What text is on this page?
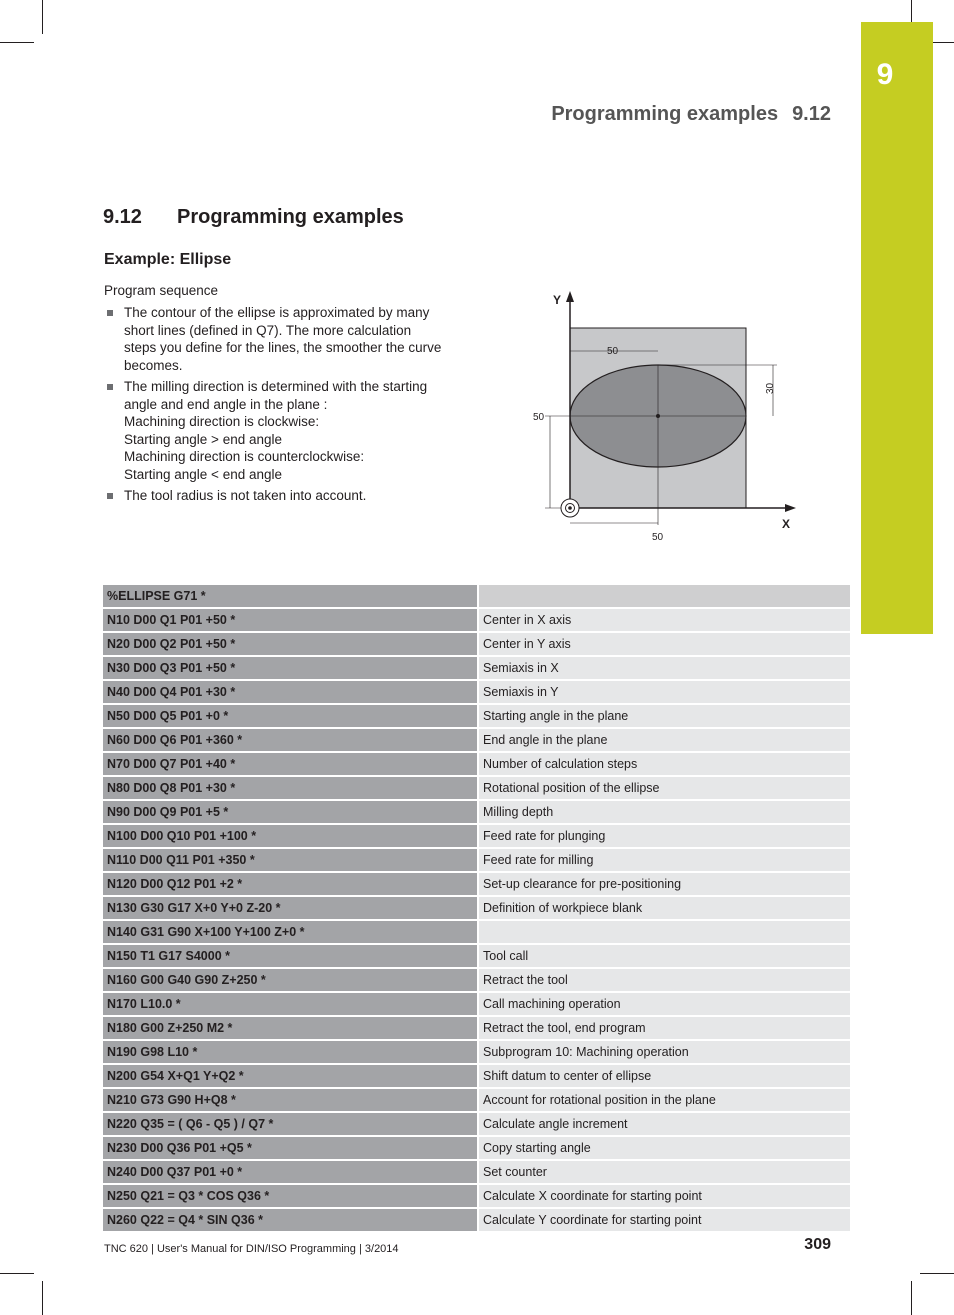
9
Programming examples 9.12
9.12 Programming examples
Example: Ellipse
Program sequence
The contour of the ellipse is approximated by many
short lines (defined in Q7). The more calculation
steps you define for the lines, the smoother the curve
becomes.
The milling direction is determined with the starting
angle and end angle in the plane :
Machining direction is clockwise:
Starting angle > end angle
Machining direction is counterclockwise:
Starting angle < end angle
The tool radius is not taken into account.
Y
X
50
30
50
50
%ELLIPSE G71 *	
N10 D00 Q1 P01 +50 *	Center in X axis
N20 D00 Q2 P01 +50 *	Center in Y axis
N30 D00 Q3 P01 +50 *	Semiaxis in X
N40 D00 Q4 P01 +30 *	Semiaxis in Y
N50 D00 Q5 P01 +0 *	Starting angle in the plane
N60 D00 Q6 P01 +360 *	End angle in the plane
N70 D00 Q7 P01 +40 *	Number of calculation steps
N80 D00 Q8 P01 +30 *	Rotational position of the ellipse
N90 D00 Q9 P01 +5 *	Milling depth
N100 D00 Q10 P01 +100 *	Feed rate for plunging
N110 D00 Q11 P01 +350 *	Feed rate for milling
N120 D00 Q12 P01 +2 *	Set-up clearance for pre-positioning
N130 G30 G17 X+0 Y+0 Z-20 *	Definition of workpiece blank
N140 G31 G90 X+100 Y+100 Z+0 *	
N150 T1 G17 S4000 *	Tool call
N160 G00 G40 G90 Z+250 *	Retract the tool
N170 L10.0 *	Call machining operation
N180 G00 Z+250 M2 *	Retract the tool, end program
N190 G98 L10 *	Subprogram 10: Machining operation
N200 G54 X+Q1 Y+Q2 *	Shift datum to center of ellipse
N210 G73 G90 H+Q8 *	Account for rotational position in the plane
N220 Q35 = ( Q6 - Q5 ) / Q7 *	Calculate angle increment
N230 D00 Q36 P01 +Q5 *	Copy starting angle
N240 D00 Q37 P01 +0 *	Set counter
N250 Q21 = Q3 * COS Q36 *	Calculate X coordinate for starting point
N260 Q22 = Q4 * SIN Q36 *	Calculate Y coordinate for starting point
TNC 620 | User's Manual for DIN/ISO Programming | 3/2014	309
